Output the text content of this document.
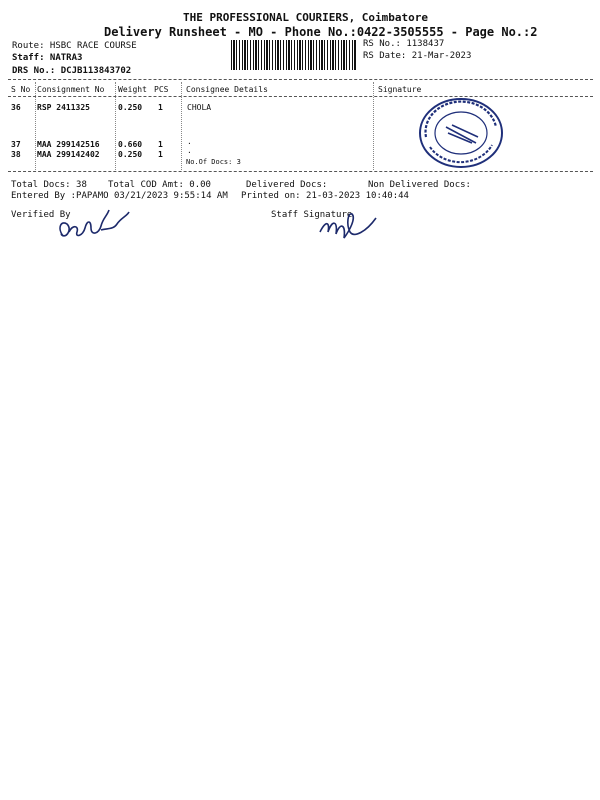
THE PROFESSIONAL COURIERS, Coimbatore
Delivery Runsheet - MO - Phone No.:0422-3505555 - Page No.:2
Route: HSBC RACE COURSE
Staff: NATRA3
DRS No.: DCJB113843702
RS No.: 1138437
RS Date: 21-Mar-2023
S No Consignment No Weight PCS Consignee Details	Signature
36 RSP 2411325	0.250 1	CHOLA
37 MAA 299142516 0.660 1	.
38 MAA 299142402 0.250 1	.
No.Of Docs: 3
Total Docs: 38 Total COD Amt: 0.00	Delivered Docs:	Non Delivered Docs:
Entered By :PAPAMO 03/21/2023 9:55:14 AM Printed on: 21-03-2023 10:40:44
Verified By	Staff Signature
